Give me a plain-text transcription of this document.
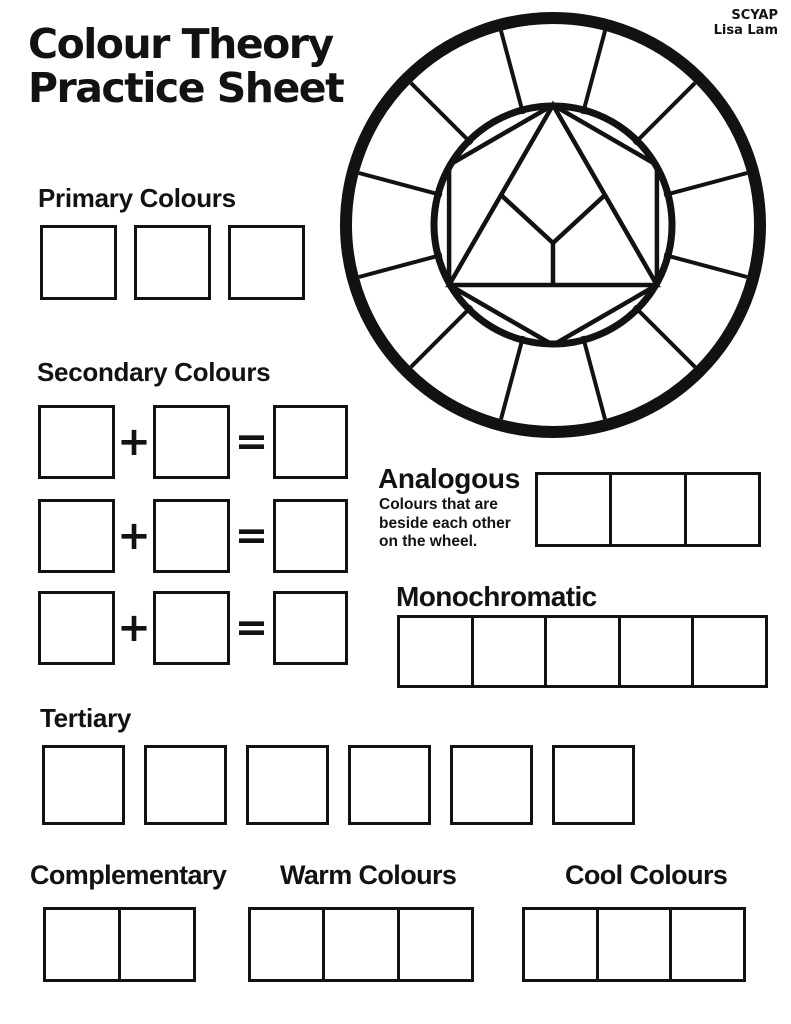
Colour Theory
Practice Sheet
SCYAP
Lisa Lam
Primary Colours
Secondary Colours
+ =
+ =
+ =
Analogous
Colours that are
beside each other
on the wheel.
Monochromatic
Tertiary
Complementary Warm Colours	Cool Colours
